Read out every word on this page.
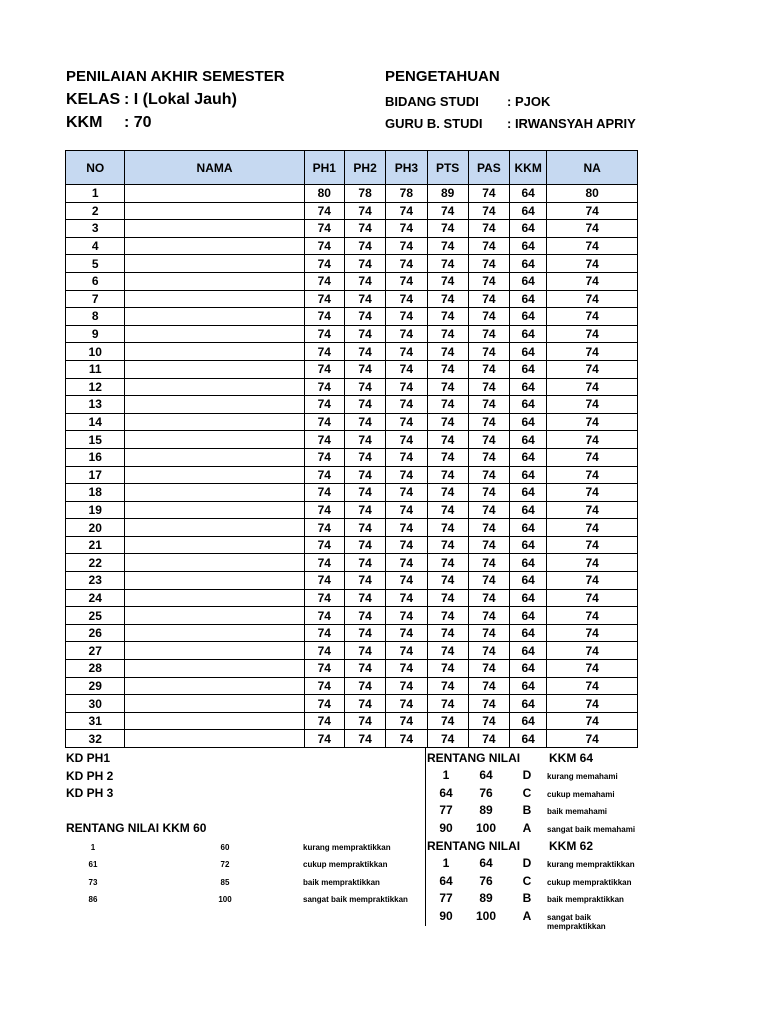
PENILAIAN AKHIR SEMESTER
KELAS : I (Lokal Jauh)
KKM : 70
PENGETAHUAN
BIDANG STUDI : PJOK
GURU B. STUDI : IRWANSYAH APRIY
NO	NAMA	PH1	PH2	PH3	PTS	PAS	KKM	NA
1		80	78	78	89	74	64	80
2		74	74	74	74	74	64	74
3		74	74	74	74	74	64	74
4		74	74	74	74	74	64	74
5		74	74	74	74	74	64	74
6		74	74	74	74	74	64	74
7		74	74	74	74	74	64	74
8		74	74	74	74	74	64	74
9		74	74	74	74	74	64	74
10		74	74	74	74	74	64	74
11		74	74	74	74	74	64	74
12		74	74	74	74	74	64	74
13		74	74	74	74	74	64	74
14		74	74	74	74	74	64	74
15		74	74	74	74	74	64	74
16		74	74	74	74	74	64	74
17		74	74	74	74	74	64	74
18		74	74	74	74	74	64	74
19		74	74	74	74	74	64	74
20		74	74	74	74	74	64	74
21		74	74	74	74	74	64	74
22		74	74	74	74	74	64	74
23		74	74	74	74	74	64	74
24		74	74	74	74	74	64	74
25		74	74	74	74	74	64	74
26		74	74	74	74	74	64	74
27		74	74	74	74	74	64	74
28		74	74	74	74	74	64	74
29		74	74	74	74	74	64	74
30		74	74	74	74	74	64	74
31		74	74	74	74	74	64	74
32		74	74	74	74	74	64	74
KD PH1
KD PH 2
KD PH 3
RENTANG NILAI KKM 60
1	60	kurang mempraktikkan
61	72	cukup mempraktikkan
73	85	baik mempraktikkan
86	100	sangat baik mempraktikkan
RENTANG NILAI KKM 64
1	64	D	kurang memahami
64	76	C	cukup memahami
77	89	B	baik memahami
90	100	A	sangat baik memahami
RENTANG NILAI KKM 62
1	64	D	kurang mempraktikkan
64	76	C	cukup mempraktikkan
77	89	B	baik mempraktikkan
90	100	A	sangat baik mempraktikkan
